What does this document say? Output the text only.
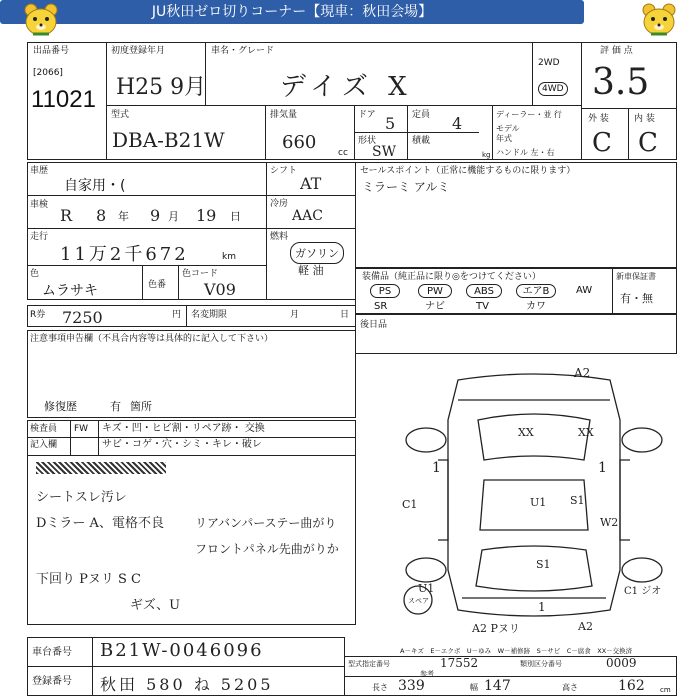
JU秋田ゼロ切りコーナー【現車：秋田会場】
出品番号
[2066]
11021
初度登録年月
H25 9月
車名・グレード
デイズ X
2WD
4WD
評 価 点
3.5
外 装	内 装
C C
型式
DBA-B21W
排気量
660 cc
ドア 5
形状
SW
定員 4
積載
kg
ディーラー・並 行
モデル
年式
ハンドル 左・右
車歴
自家用・(
シフト
AT
車検
R 8 年 9 月 19 日
冷房
AAC
走行
11万2千672	km
燃料
ガソリン
軽 油
色
ムラサキ	色番
色コード
V09
R券 7250	円 名変期限	月	日
セールスポイント（正常に機能するものに限ります）
ミラーミ アルミ
装備品（純正品に限り◎をつけてください）
PS	PW	ABS	エアB	AW
SR	ナビ	TV	カワ
新車保証書
有・無
後日品
注意事項申告欄（不具合内容等は具体的に記入して下さい）
修復歴	有 箇所
検査員 FW キズ・凹・ヒビ割・リペア跡・ 交換
記入欄	サビ・コゲ・穴・シミ・キレ・破レ
シートスレ汚レ
Dミラー A、電格不良	リアバンパーステー曲がり
フロントパネル先曲がりか
下回り Pヌリ S C
ギズ、U
A2
XX	XX
1
1
U1
C1	S1
W2
S1
U1	C1 ジオ
A2 Pヌリ	A2
1
スペア
A－キズ　E－エクボ　U－ゆみ　W－補修跡　S－サビ　C－腐食　XX－交換済
車台番号 B21W-0046096
登録番号 秋田 580 ね 5205
型式指定番号
参考
17552	類別区分番号	0009
長さ 339	幅 147	高さ	162 cm
